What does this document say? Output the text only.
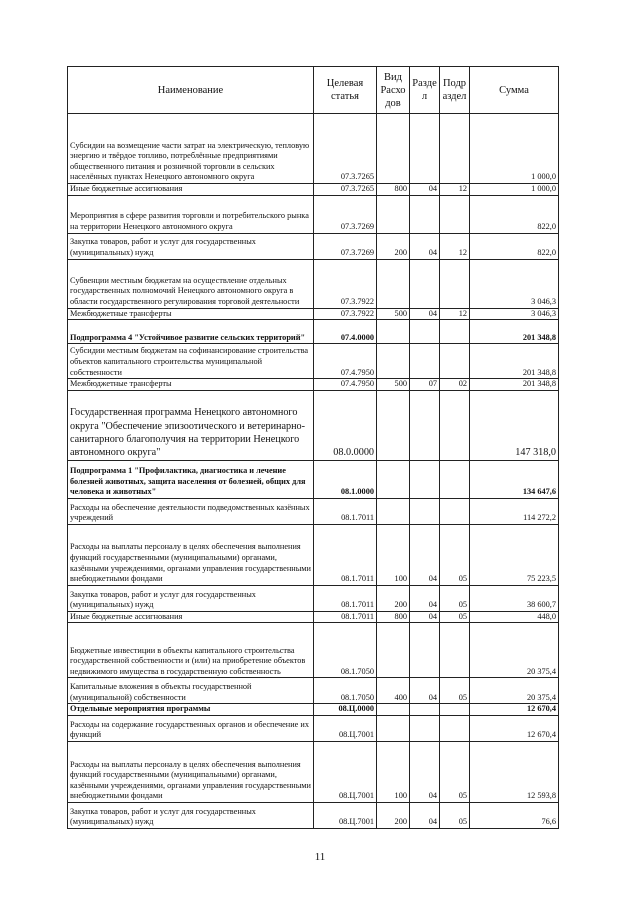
Наименование	Целевая статья	Вид Расхо дов	Разде л	Подр аздел	Сумма
Субсидии на возмещение части затрат на электрическую, тепловую энергию и твёрдое топливо, потреблённые предприятиями общественного питания и розничной торговли в сельских населённых пунктах Ненецкого автономного округа	07.3.7265				1 000,0
Иные бюджетные ассигнования	07.3.7265	800	04	12	1 000,0
Мероприятия в сфере развития торговли и потребительского рынка на территории Ненецкого автономного округа	07.3.7269				822,0
Закупка товаров, работ и услуг для государственных (муниципальных) нужд	07.3.7269	200	04	12	822,0
Субвенции местным бюджетам на осуществление отдельных государственных полномочий Ненецкого автономного округа в области государственного регулирования торговой деятельности	07.3.7922				3 046,3
Межбюджетные трансферты	07.3.7922	500	04	12	3 046,3
Подпрограмма 4 "Устойчивое развитие сельских территорий"	07.4.0000				201 348,8
Субсидии местным бюджетам на софинансирование строительства объектов капитального строительства муниципальной собственности	07.4.7950				201 348,8
Межбюджетные трансферты	07.4.7950	500	07	02	201 348,8
Государственная программа Ненецкого автономного округа "Обеспечение эпизоотического и ветеринарно-санитарного благополучия на территории Ненецкого автономного округа"	08.0.0000				147 318,0
Подпрограмма 1 "Профилактика, диагностика и лечение болезней животных, защита населения от болезней, общих для человека и животных"	08.1.0000				134 647,6
Расходы на обеспечение деятельности подведомственных казённых учреждений	08.1.7011				114 272,2
Расходы на выплаты персоналу в целях обеспечения выполнения функций государственными (муниципальными) органами, казёнными учреждениями, органами управления государственными внебюджетными фондами	08.1.7011	100	04	05	75 223,5
Закупка товаров, работ и услуг для государственных (муниципальных) нужд	08.1.7011	200	04	05	38 600,7
Иные бюджетные ассигнования	08.1.7011	800	04	05	448,0
Бюджетные инвестиции в объекты капитального строительства государственной собственности и (или) на приобретение объектов недвижимого имущества в государственную собственность	08.1.7050				20 375,4
Капитальные вложения в объекты государственной (муниципальной) собственности	08.1.7050	400	04	05	20 375,4
Отдельные мероприятия программы	08.Ц.0000				12 670,4
Расходы на содержание государственных органов и обеспечение их функций	08.Ц.7001				12 670,4
Расходы на выплаты персоналу в целях обеспечения выполнения функций государственными (муниципальными) органами, казёнными учреждениями, органами управления государственными внебюджетными фондами	08.Ц.7001	100	04	05	12 593,8
Закупка товаров, работ и услуг для государственных (муниципальных) нужд	08.Ц.7001	200	04	05	76,6
11
